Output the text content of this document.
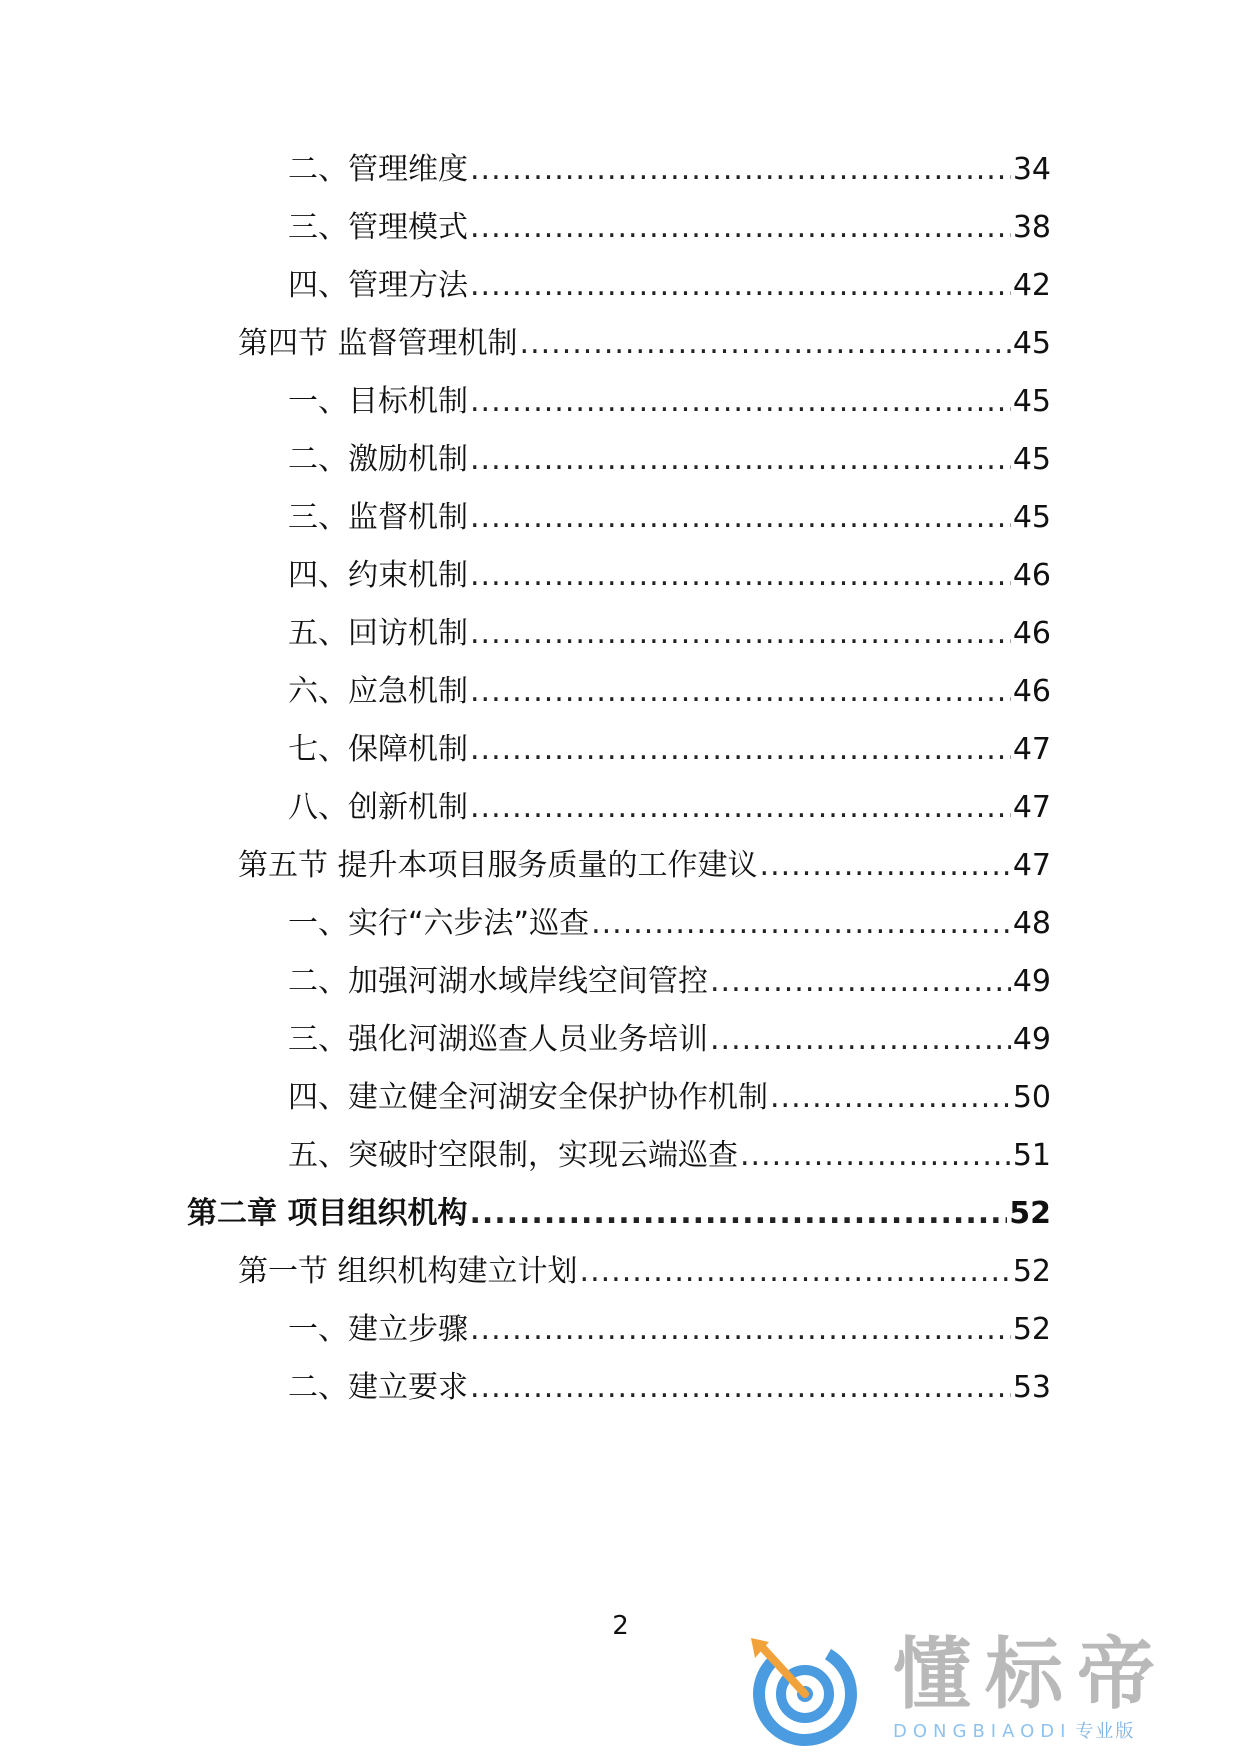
二、管理维度 .....	34
三、管理模式 .....	38
四、管理方法 .....	42
第四节 监督管理机制 .....	45
一、目标机制 .....	45
二、激励机制 .....	45
三、监督机制 .....	45
四、约束机制 .....	46
五、回访机制 .....	46
六、应急机制 .....	46
七、保障机制 .....	47
八、创新机制 .....	47
第五节 提升本项目服务质量的工作建议 .....	47
一、实行“六步法”巡查 .....	48
二、加强河湖水域岸线空间管控 .....	49
三、强化河湖巡查人员业务培训 .....	49
四、建立健全河湖安全保护协作机制 .....	50
五、突破时空限制，实现云端巡查 .....	51
第二章 项目组织机构 .....	52
第一节 组织机构建立计划 .....	52
一、建立步骤 .....	52
二、建立要求 .....	53
2
懂标帝
DONGBIAODI 专业版
